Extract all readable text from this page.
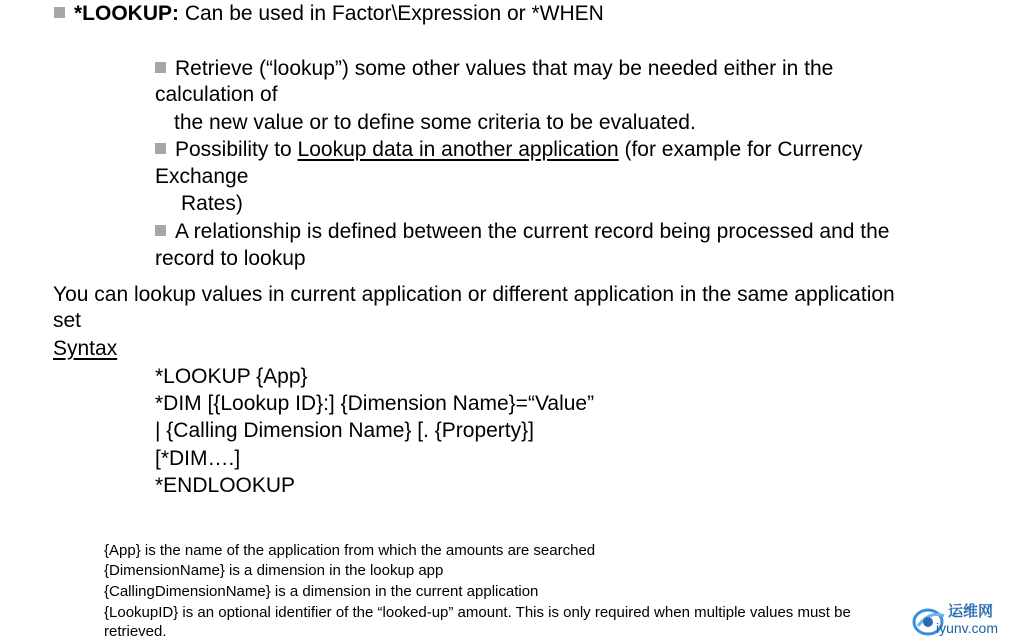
*LOOKUP: Can be used in Factor\Expression or *WHEN
Retrieve (“lookup”) some other values that may be needed either in the
calculation of
the new value or to define some criteria to be evaluated.
Possibility to Lookup data in another application (for example for Currency
Exchange
Rates)
A relationship is defined between the current record being processed and the
record to lookup
You can lookup values in current application or different application in the same application
set
Syntax
*LOOKUP {App}
*DIM [{Lookup ID}:] {Dimension Name}=“Value”
| {Calling Dimension Name} [. {Property}]
[*DIM….]
*ENDLOOKUP
{App} is the name of the application from which the amounts are searched
{DimensionName} is a dimension in the lookup app
{CallingDimensionName} is a dimension in the current application
{LookupID} is an optional identifier of the “looked-up” amount. This is only required when multiple values must be
retrieved.
运维网
iyunv.com
